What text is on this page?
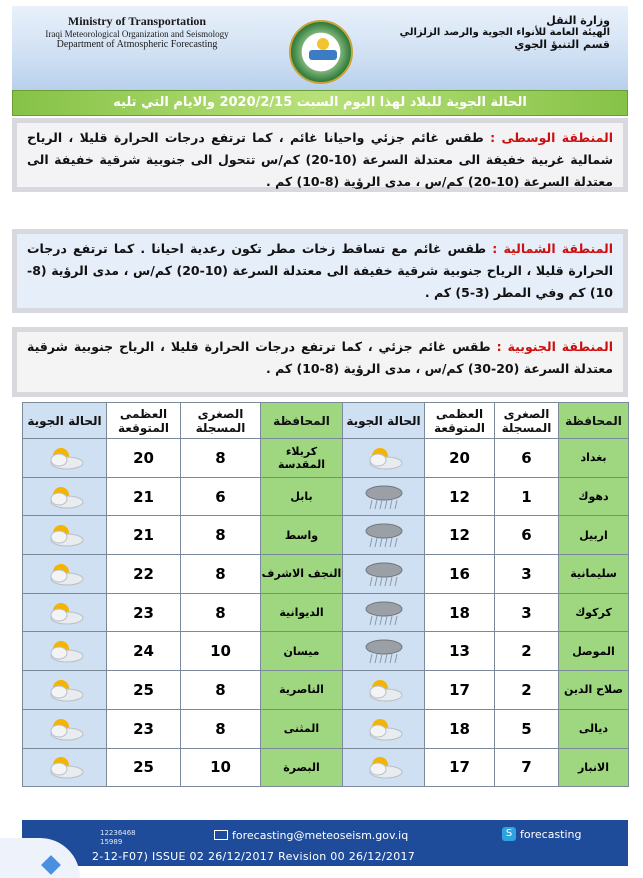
Ministry of Transportation
Iraqi Meteorological Organization and Seismology
Department of Atmospheric Forecasting
وزارة النقل
الهيئة العامة للأنواء الجوية والرصد الزلزالي
قسم التنبؤ الجوي
الحالة الجوية للبلاد لهذا اليوم السبت 2020/2/15 والايام التي تليه
المنطقة الوسطى : طقس غائم جزئي واحيانا غائم ، كما ترتفع درجات الحرارة قليلا ، الرياح شمالية غربية خفيفة الى معتدلة السرعة (10-20) كم/س تتحول الى جنوبية شرقية خفيفة الى معتدلة السرعة (10-20) كم/س ، مدى الرؤية (8-10) كم .
المنطقة الشمالية : طقس غائم مع تساقط زخات مطر تكون رعدية احيانا . كما ترتفع درجات الحرارة قليلا ، الرياح جنوبية شرقية خفيفة الى معتدلة السرعة (10-20) كم/س ، مدى الرؤية (8-10) كم وفي المطر (3-5) كم .
المنطقة الجنوبية : طقس غائم جزئي ، كما ترتفع درجات الحرارة قليلا ، الرياح جنوبية شرقية معتدلة السرعة (20-30) كم/س ، مدى الرؤية (8-10) كم .
المحافظة	الصغرى المسجلة	العظمى المتوقعة	الحالة الجوية	المحافظة	الصغرى المسجلة	العظمى المتوقعة	الحالة الجوية
بغداد	6	20		كربلاء المقدسة	8	20	
دهوك	1	12		بابل	6	21	
اربيل	6	12		واسط	8	21	
سليمانية	3	16		النجف الاشرف	8	22	
كركوك	3	18		الديوانية	8	23	
الموصل	2	13		ميسان	10	24	
صلاح الدين	2	17		الناصرية	8	25	
ديالى	5	18		المثنى	8	23	
الانبار	7	17		البصرة	10	25	
12236468
15989	forecasting@meteoseism.gov.iq	S forecasting
2-12-F07) ISSUE 02 26/12/2017 Revision 00 26/12/2017
